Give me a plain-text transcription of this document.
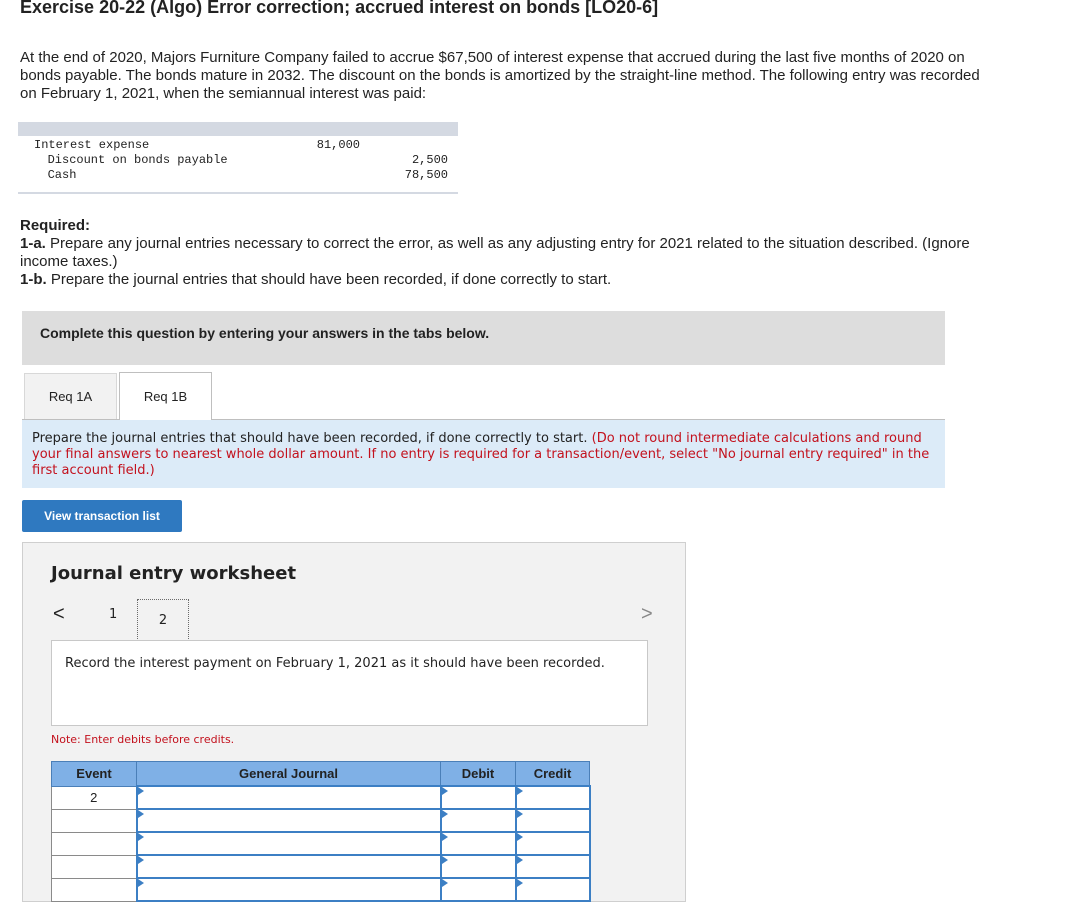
Exercise 20-22 (Algo) Error correction; accrued interest on bonds [LO20-6]
At the end of 2020, Majors Furniture Company failed to accrue $67,500 of interest expense that accrued during the last five months of 2020 on bonds payable. The bonds mature in 2032. The discount on the bonds is amortized by the straight-line method. The following entry was recorded on February 1, 2021, when the semiannual interest was paid:
Interest expense	81,000
Discount on bonds payable	2,500
Cash	78,500
Required:
1-a. Prepare any journal entries necessary to correct the error, as well as any adjusting entry for 2021 related to the situation described. (Ignore income taxes.)
1-b. Prepare the journal entries that should have been recorded, if done correctly to start.
Complete this question by entering your answers in the tabs below.
Req 1A	Req 1B
Prepare the journal entries that should have been recorded, if done correctly to start. (Do not round intermediate calculations and round your final answers to nearest whole dollar amount. If no entry is required for a transaction/event, select "No journal entry required" in the first account field.)
View transaction list
Journal entry worksheet
<	1	2	>
Record the interest payment on February 1, 2021 as it should have been recorded.
Note: Enter debits before credits.
Event	General Journal	Debit	Credit
2			
